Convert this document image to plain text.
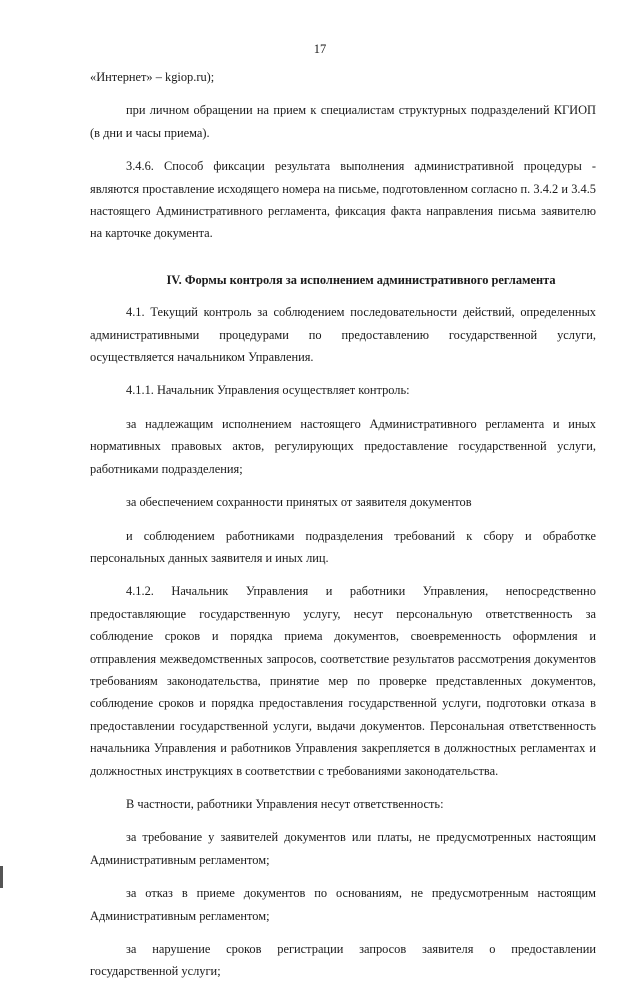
17

«Интернет» – kgiop.ru);

при личном обращении на прием к специалистам структурных подразделений КГИОП (в дни и часы приема).

3.4.6. Способ фиксации результата выполнения административной процедуры - являются проставление исходящего номера на письме, подготовленном согласно п. 3.4.2 и 3.4.5 настоящего Административного регламента, фиксация факта направления письма заявителю на карточке документа.

IV. Формы контроля за исполнением административного регламента

4.1. Текущий контроль за соблюдением последовательности действий, определенных административными процедурами по предоставлению государственной услуги, осуществляется начальником Управления.

4.1.1. Начальник Управления осуществляет контроль:

за надлежащим исполнением настоящего Административного регламента и иных нормативных правовых актов, регулирующих предоставление государственной услуги, работниками подразделения;

за обеспечением сохранности принятых от заявителя документов

и соблюдением работниками подразделения требований к сбору и обработке персональных данных заявителя и иных лиц.

4.1.2. Начальник Управления и работники Управления, непосредственно предоставляющие государственную услугу, несут персональную ответственность за соблюдение сроков и порядка приема документов, своевременность оформления и отправления межведомственных запросов, соответствие результатов рассмотрения документов требованиям законодательства, принятие мер по проверке представленных документов, соблюдение сроков и порядка предоставления государственной услуги, подготовки отказа в предоставлении государственной услуги, выдачи документов. Персональная ответственность начальника Управления и работников Управления закрепляется в должностных регламентах и должностных инструкциях в соответствии с требованиями законодательства.

В частности, работники Управления несут ответственность:

за требование у заявителей документов или платы, не предусмотренных настоящим Административным регламентом;

за отказ в приеме документов по основаниям, не предусмотренным настоящим Административным регламентом;

за нарушение сроков регистрации запросов заявителя о предоставлении государственной услуги;
